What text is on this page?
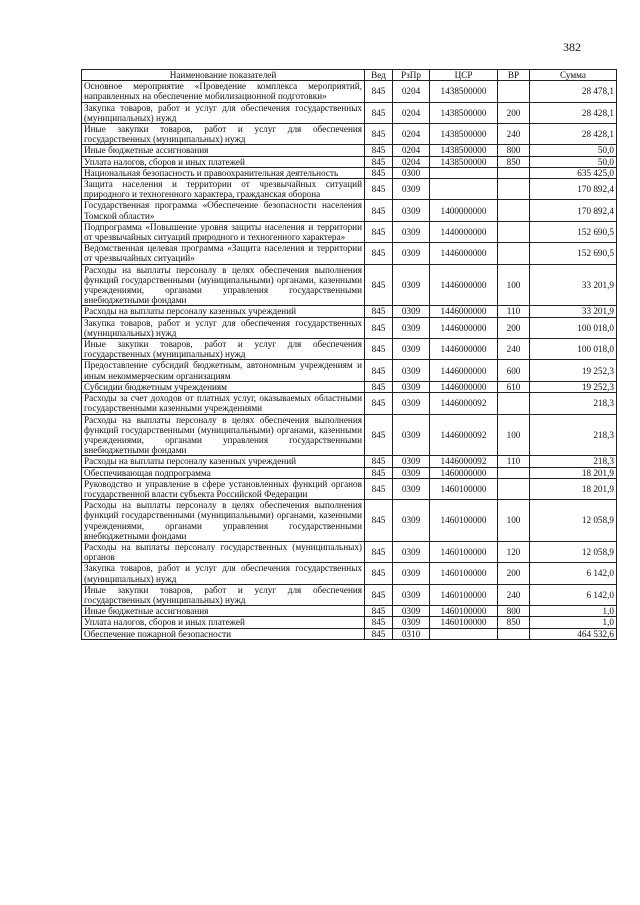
382
Наименование показателей	Вед	РзПр	ЦСР	ВР	Сумма
Основное мероприятие «Проведение комплекса мероприятий, направленных на обеспечение мобилизационной подготовки»	845	0204	1438500000		28 478,1
Закупка товаров, работ и услуг для обеспечения государственных (муниципальных) нужд	845	0204	1438500000	200	28 428,1
Иные закупки товаров, работ и услуг для обеспечения государственных (муниципальных) нужд	845	0204	1438500000	240	28 428,1
Иные бюджетные ассигнования	845	0204	1438500000	800	50,0
Уплата налогов, сборов и иных платежей	845	0204	1438500000	850	50,0
Национальная безопасность и правоохранительная деятельность	845	0300			635 425,0
Защита населения и территории от чрезвычайных ситуаций природного и техногенного характера, гражданская оборона	845	0309			170 892,4
Государственная программа «Обеспечение безопасности населения Томской области»	845	0309	1400000000		170 892,4
Подпрограмма «Повышение уровня защиты населения и территории от чрезвычайных ситуаций природного и техногенного характера»	845	0309	1440000000		152 690,5
Ведомственная целевая программа «Защита населения и территории от чрезвычайных ситуаций»	845	0309	1446000000		152 690,5
Расходы на выплаты персоналу в целях обеспечения выполнения функций государственными (муниципальными) органами, казенными учреждениями, органами управления государственными внебюджетными фондами	845	0309	1446000000	100	33 201,9
Расходы на выплаты персоналу казенных учреждений	845	0309	1446000000	110	33 201,9
Закупка товаров, работ и услуг для обеспечения государственных (муниципальных) нужд	845	0309	1446000000	200	100 018,0
Иные закупки товаров, работ и услуг для обеспечения государственных (муниципальных) нужд	845	0309	1446000000	240	100 018,0
Предоставление субсидий бюджетным, автономным учреждениям и иным некоммерческим организациям	845	0309	1446000000	600	19 252,3
Субсидии бюджетным учреждениям	845	0309	1446000000	610	19 252,3
Расходы за счет доходов от платных услуг, оказываемых областными государственными казенными учреждениями	845	0309	1446000092		218,3
Расходы на выплаты персоналу в целях обеспечения выполнения функций государственными (муниципальными) органами, казенными учреждениями, органами управления государственными внебюджетными фондами	845	0309	1446000092	100	218,3
Расходы на выплаты персоналу казенных учреждений	845	0309	1446000092	110	218,3
Обеспечивающая подпрограмма	845	0309	1460000000		18 201,9
Руководство и управление в сфере установленных функций органов государственной власти субъекта Российской Федерации	845	0309	1460100000		18 201,9
Расходы на выплаты персоналу в целях обеспечения выполнения функций государственными (муниципальными) органами, казенными учреждениями, органами управления государственными внебюджетными фондами	845	0309	1460100000	100	12 058,9
Расходы на выплаты персоналу государственных (муниципальных) органов	845	0309	1460100000	120	12 058,9
Закупка товаров, работ и услуг для обеспечения государственных (муниципальных) нужд	845	0309	1460100000	200	6 142,0
Иные закупки товаров, работ и услуг для обеспечения государственных (муниципальных) нужд	845	0309	1460100000	240	6 142,0
Иные бюджетные ассигнования	845	0309	1460100000	800	1,0
Уплата налогов, сборов и иных платежей	845	0309	1460100000	850	1,0
Обеспечение пожарной безопасности	845	0310			464 532,6
